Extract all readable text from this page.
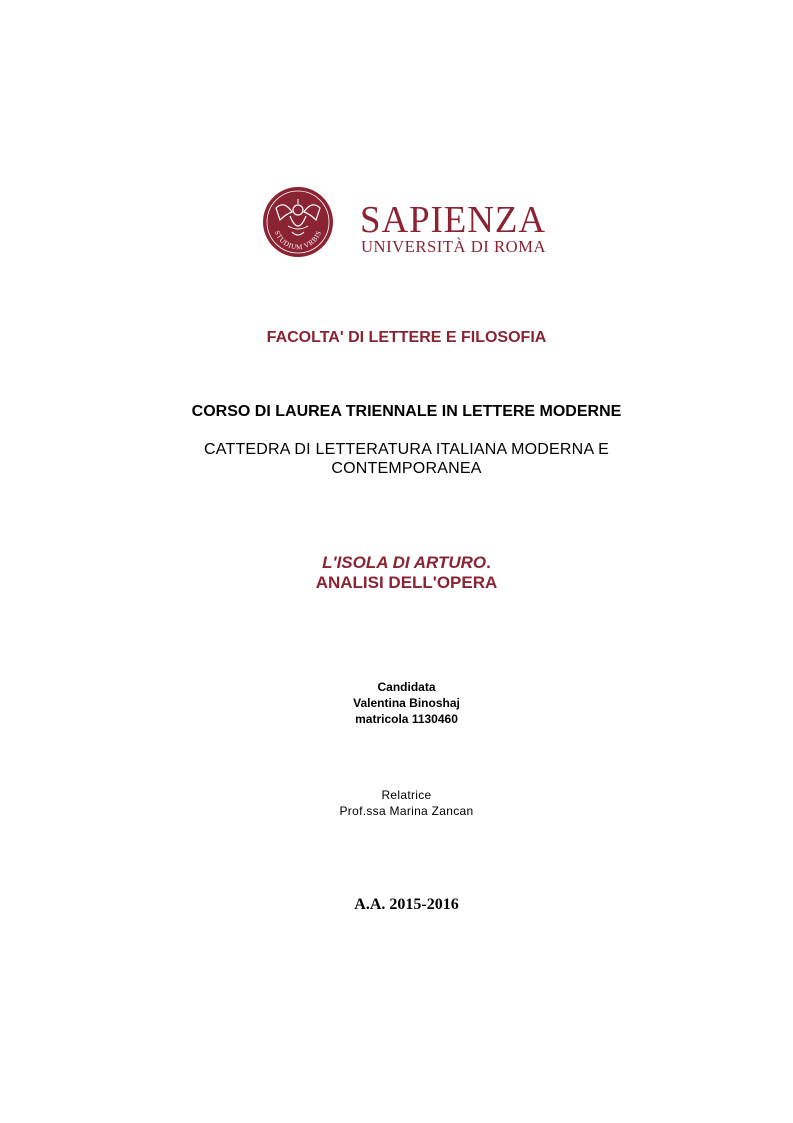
STUDIUM VRBIS SAPIENZA
UNIVERSITÀ DI ROMA
FACOLTA' DI LETTERE E FILOSOFIA
CORSO DI LAUREA TRIENNALE IN LETTERE MODERNE
CATTEDRA DI LETTERATURA ITALIANA MODERNA E
CONTEMPORANEA
L'ISOLA DI ARTURO.
ANALISI DELL'OPERA
Candidata
Valentina Binoshaj
matricola 1130460
Relatrice
Prof.ssa Marina Zancan
A.A. 2015-2016
